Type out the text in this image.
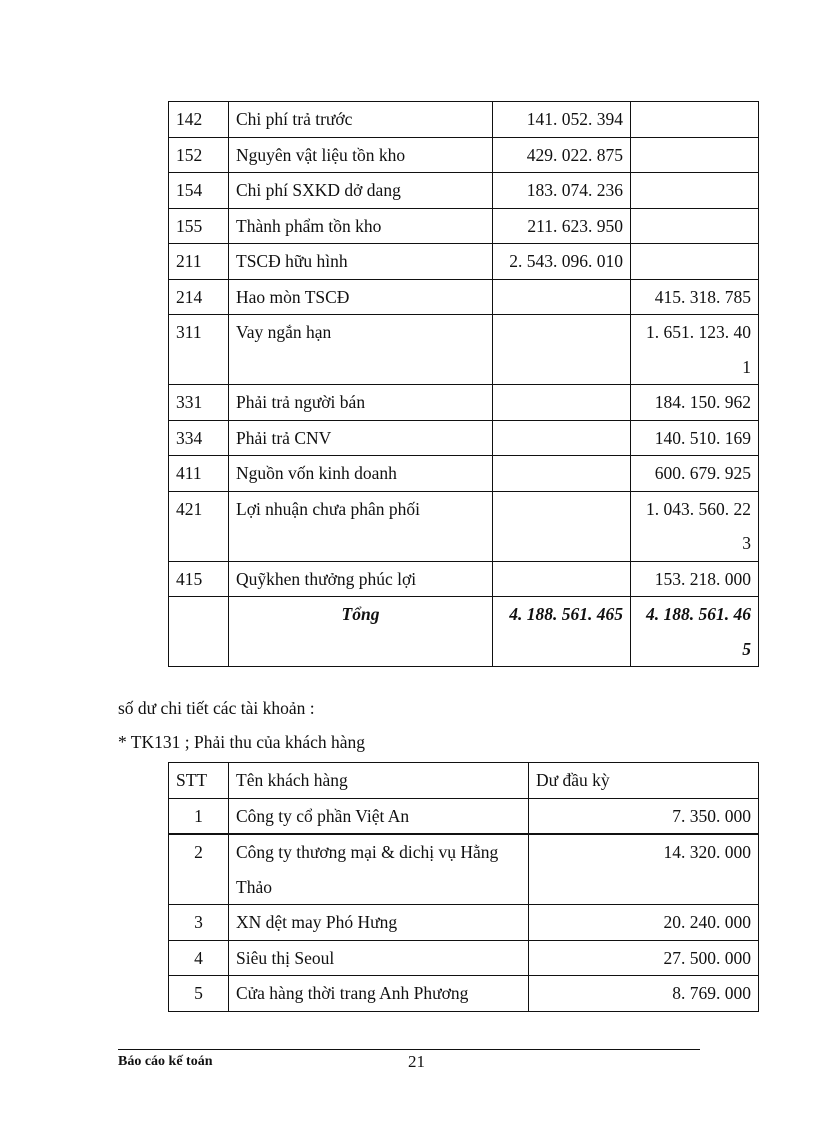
142	Chi phí trả trước	141. 052. 394	
152	Nguyên vật liệu tồn kho	429. 022. 875	
154	Chi phí SXKD dở dang	183. 074. 236	
155	Thành phẩm tồn kho	211. 623. 950	
211	TSCĐ hữu hình	2. 543. 096. 010	
214	Hao mòn TSCĐ		415. 318. 785
311	Vay ngắn hạn		1. 651. 123. 401
331	Phải trả người bán		184. 150. 962
334	Phải trả CNV		140. 510. 169
411	Nguồn vốn kinh doanh		600. 679. 925
421	Lợi nhuận chưa phân phối		1. 043. 560. 223
415	Quỹkhen thưởng phúc lợi		153. 218. 000
	Tổng	4. 188. 561. 465	4. 188. 561. 465
số dư chi tiết các tài khoản :
* TK131 ; Phải thu của khách hàng
STT	Tên khách hàng	Dư đầu kỳ
1	Công ty cổ phần Việt An	7. 350. 000
2	Công ty thương mại & dichị vụ Hằng Thảo	14. 320. 000
3	XN dệt may Phó Hưng	20. 240. 000
4	Siêu thị Seoul	27. 500. 000
5	Cửa hàng thời trang Anh Phương	8. 769. 000
Báo cáo kế toán	21
